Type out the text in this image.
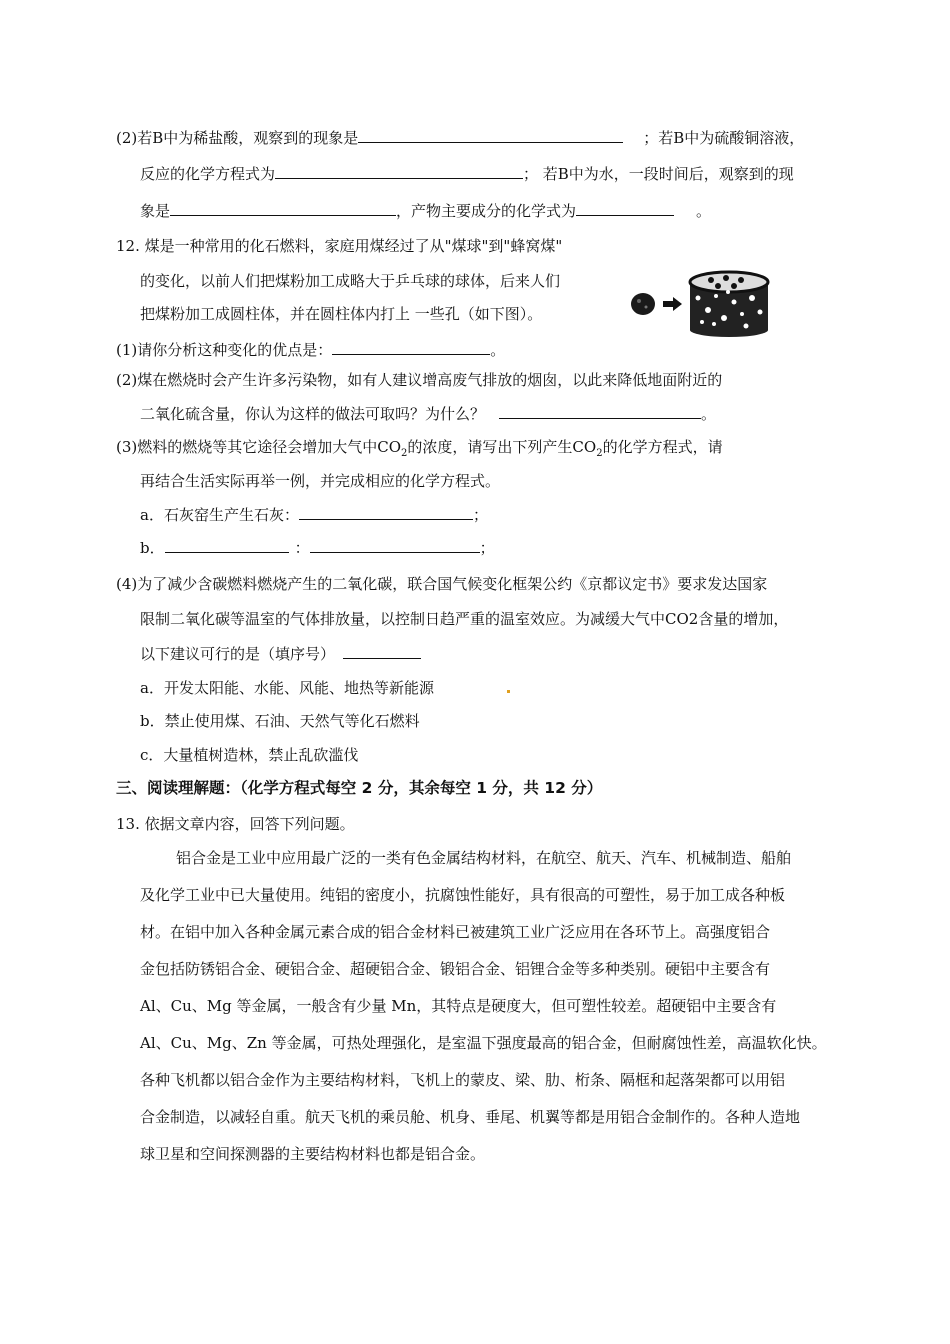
(2)若B中为稀盐酸，观察到的现象是	；若B中为硫酸铜溶液，
反应的化学方程式为	； 若B中为水，一段时间后，观察到的现
象是	，产物主要成分的化学式为	。
12. 煤是一种常用的化石燃料，家庭用煤经过了从"煤球"到"蜂窝煤"
的变化，以前人们把煤粉加工成略大于乒乓球的球体，后来人们
把煤粉加工成圆柱体，并在圆柱体内打上 一些孔（如下图）。
(1)请你分析这种变化的优点是：	。
(2)煤在燃烧时会产生许多污染物，如有人建议增高废气排放的烟囱，以此来降低地面附近的
二氧化硫含量，你认为这样的做法可取吗？为什么？	。
(3)燃料的燃烧等其它途径会增加大气中$CO_2$的浓度，请写出下列产生$CO_2$的化学方程式，请
再结合生活实际再举一例，并完成相应的化学方程式。
a．石灰窑生产生石灰：	；
b．	：	；
(4)为了减少含碳燃料燃烧产生的二氧化碳，联合国气候变化框架公约《京都议定书》要求发达国家
限制二氧化碳等温室的气体排放量，以控制日趋严重的温室效应。为减缓大气中CO2含量的增加，
以下建议可行的是（填序号）
a．开发太阳能、水能、风能、地热等新能源
b．禁止使用煤、石油、天然气等化石燃料
c．大量植树造林，禁止乱砍滥伐
三、阅读理解题：（化学方程式每空 2 分，其余每空 1 分，共 12 分）
13. 依据文章内容，回答下列问题。
铝合金是工业中应用最广泛的一类有色金属结构材料，在航空、航天、汽车、机械制造、船舶
及化学工业中已大量使用。纯铝的密度小，抗腐蚀性能好，具有很高的可塑性，易于加工成各种板
材。在铝中加入各种金属元素合成的铝合金材料已被建筑工业广泛应用在各环节上。高强度铝合
金包括防锈铝合金、硬铝合金、超硬铝合金、锻铝合金、铝锂合金等多种类别。硬铝中主要含有
Al、Cu、Mg 等金属，一般含有少量 Mn，其特点是硬度大，但可塑性较差。超硬铝中主要含有
Al、Cu、Mg、Zn 等金属，可热处理强化，是室温下强度最高的铝合金，但耐腐蚀性差，高温软化快。
各种飞机都以铝合金作为主要结构材料，飞机上的蒙皮、梁、肋、桁条、隔框和起落架都可以用铝
合金制造，以减轻自重。航天飞机的乘员舱、机身、垂尾、机翼等都是用铝合金制作的。各种人造地
球卫星和空间探测器的主要结构材料也都是铝合金。
